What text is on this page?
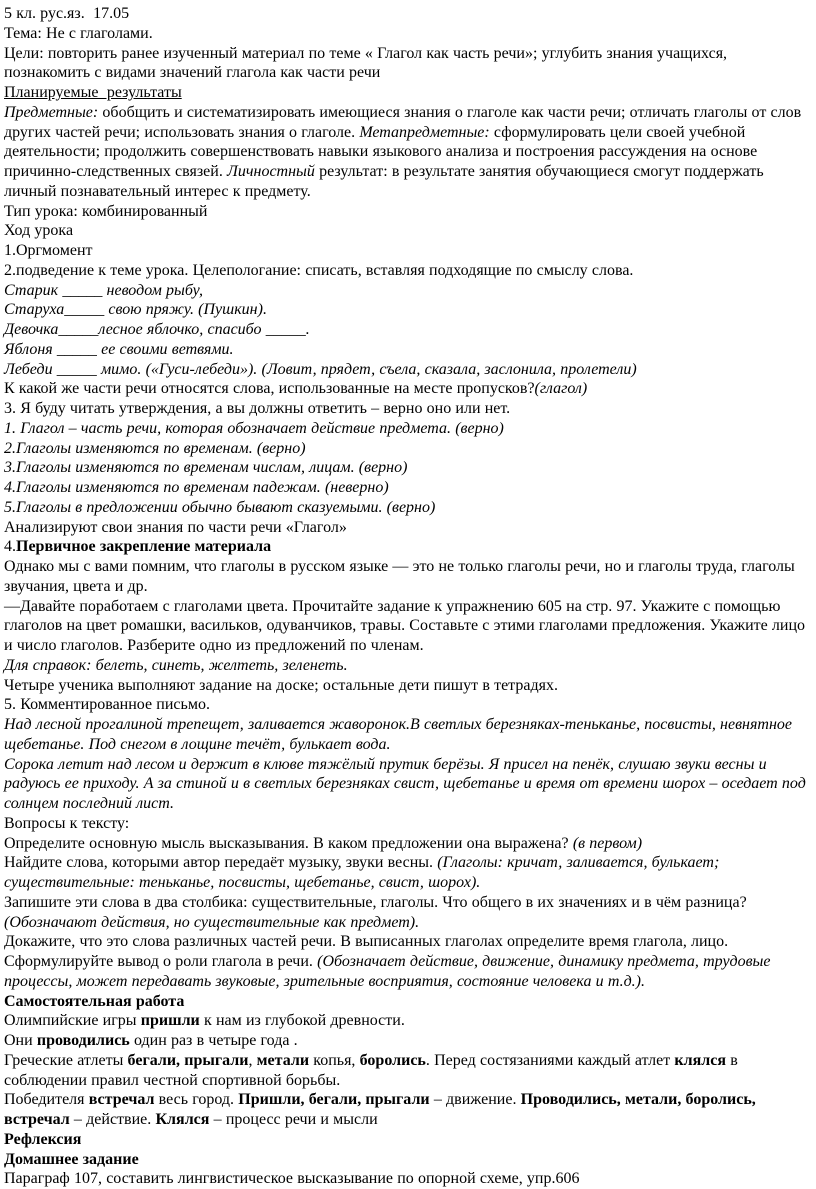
5 кл. рус.яз.  17.05

Тема: Не с глаголами.

Цели: повторить ранее изученный материал по теме « Глагол как часть речи»; углубить знания учащихся, познакомить с видами значений глагола как части речи

Планируемые  результаты

Предметные: обобщить и систематизировать имеющиеся знания о глаголе как части речи; отличать глаголы от слов других частей речи; использовать знания о глаголе. Метапредметные: сформулировать цели своей учебной деятельности; продолжить совершенствовать навыки языкового анализа и построения рассуждения на основе причинно-следственных связей. Личностный результат: в результате занятия обучающиеся смогут поддержать личный познавательный интерес к предмету.

Тип урока: комбинированный

Ход урока

1.Оргмомент

2.подведение к теме урока. Целепологание: списать, вставляя подходящие по смыслу слова.

Старик _____ неводом рыбу,

Старуха_____ свою пряжу. (Пушкин).

Девочка_____лесное яблочко, спасибо _____.

Яблоня _____ ее своими ветвями.

Лебеди _____ мимо. («Гуси-лебеди»). (Ловит, прядет, съела, сказала, заслонила, пролетели)

К какой же части речи относятся слова, использованные на месте пропусков?(глагол)

3. Я буду читать утверждения, а вы должны ответить – верно оно или нет.

1. Глагол – часть речи, которая обозначает действие предмета. (верно)

2.Глаголы изменяются по временам. (верно)

3.Глаголы изменяются по временам числам, лицам. (верно)

4.Глаголы изменяются по временам падежам. (неверно)

5.Глаголы в предложении обычно бывают сказуемыми. (верно)

Анализируют свои знания по части речи «Глагол»

4.Первичное закрепление материала

Однако мы с вами помним, что глаголы в русском языке — это не только глаголы речи, но и глаголы труда, глаголы звучания, цвета и др.

—Давайте поработаем с глаголами цвета. Прочитайте задание к упражнению 605 на стр. 97. Укажите с помощью глаголов на цвет ромашки, васильков, одуванчиков, травы. Составьте с этими глаголами предложения. Укажите лицо и число глаголов. Разберите одно из предложений по членам.

Для справок: белеть, синеть, желтеть, зеленеть.

Четыре ученика выполняют задание на доске; остальные дети пишут в тетрадях.

5. Комментированное письмо.

Над лесной прогалиной трепещет, заливается жаворонок.В светлых березняках-теньканье, посвисты, невнятное щебетанье. Под снегом в лощине течёт, булькает вода.

Сорока летит над лесом и держит в клюве тяжёлый прутик берёзы. Я присел на пенёк, слушаю звуки весны и радуюсь ее приходу. А за стиной и в светлых березняках свист, щебетанье и время от времени шорох – оседает под солнцем последний лист.

Вопросы к тексту:

Определите основную мысль высказывания. В каком предложении она выражена? (в первом)

Найдите слова, которыми автор передаёт музыку, звуки весны. (Глаголы: кричат, заливается, булькает; существительные: теньканье, посвисты, щебетанье, свист, шорох).

Запишите эти слова в два столбика: существительные, глаголы. Что общего в их значениях и в чём разница? (Обозначают действия, но существительные как предмет).

Докажите, что это слова различных частей речи. В выписанных глаголах определите время глагола, лицо.

Сформулируйте вывод о роли глагола в речи. (Обозначает действие, движение, динамику предмета, трудовые процессы, может передавать звуковые, зрительные восприятия, состояние человека и т.д.).

Самостоятельная работа

Олимпийские игры пришли к нам из глубокой древности.

Они проводились один раз в четыре года .

Греческие атлеты бегали, прыгали, метали копья, боролись. Перед состязаниями каждый атлет клялся в соблюдении правил честной спортивной борьбы.

Победителя встречал весь город. Пришли, бегали, прыгали – движение. Проводились, метали, боролись, встречал – действие. Клялся – процесс речи и мысли

Рефлексия

Домашнее задание

Параграф 107, составить лингвистическое высказывание по опорной схеме, упр.606
